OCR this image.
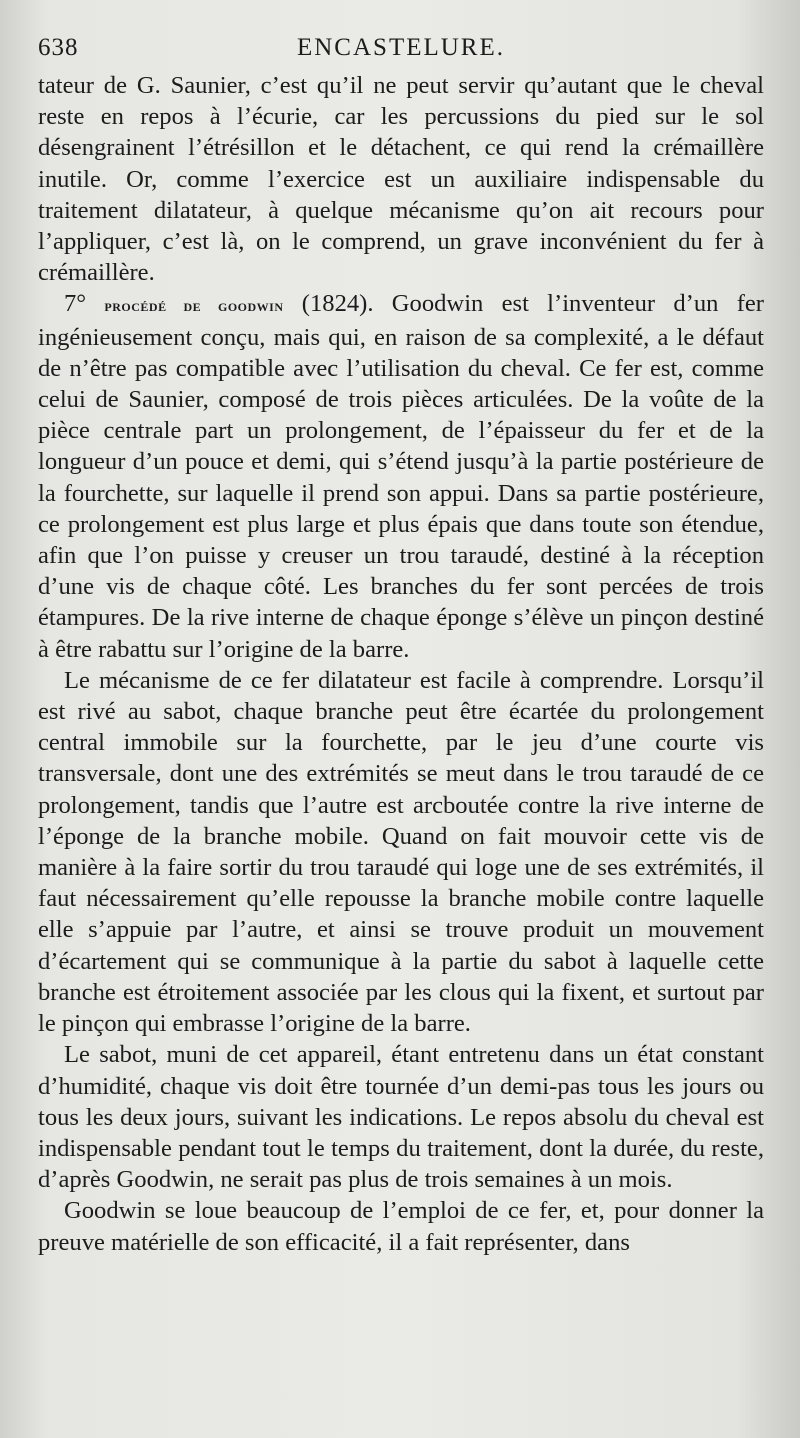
638	ENCASTELURE.

tateur de G. Saunier, c’est qu’il ne peut servir qu’autant que le cheval reste en repos à l’écurie, car les percussions du pied sur le sol désengrainent l’étrésillon et le détachent, ce qui rend la crémaillère inutile. Or, comme l’exercice est un auxiliaire indispensable du traitement dilatateur, à quelque mécanisme qu’on ait recours pour l’appliquer, c’est là, on le comprend, un grave inconvénient du fer à crémaillère.

7° procédé de goodwin (1824). Goodwin est l’inventeur d’un fer ingénieusement conçu, mais qui, en raison de sa complexité, a le défaut de n’être pas compatible avec l’utilisation du cheval. Ce fer est, comme celui de Saunier, composé de trois pièces articulées. De la voûte de la pièce centrale part un prolongement, de l’épaisseur du fer et de la longueur d’un pouce et demi, qui s’étend jusqu’à la partie postérieure de la fourchette, sur laquelle il prend son appui. Dans sa partie postérieure, ce prolongement est plus large et plus épais que dans toute son étendue, afin que l’on puisse y creuser un trou taraudé, destiné à la réception d’une vis de chaque côté. Les branches du fer sont percées de trois étampures. De la rive interne de chaque éponge s’élève un pinçon destiné à être rabattu sur l’origine de la barre.

Le mécanisme de ce fer dilatateur est facile à comprendre. Lorsqu’il est rivé au sabot, chaque branche peut être écartée du prolongement central immobile sur la fourchette, par le jeu d’une courte vis transversale, dont une des extrémités se meut dans le trou taraudé de ce prolongement, tandis que l’autre est arcboutée contre la rive interne de l’éponge de la branche mobile. Quand on fait mouvoir cette vis de manière à la faire sortir du trou taraudé qui loge une de ses extrémités, il faut nécessairement qu’elle repousse la branche mobile contre laquelle elle s’appuie par l’autre, et ainsi se trouve produit un mouvement d’écartement qui se communique à la partie du sabot à laquelle cette branche est étroitement associée par les clous qui la fixent, et surtout par le pinçon qui embrasse l’origine de la barre.

Le sabot, muni de cet appareil, étant entretenu dans un état constant d’humidité, chaque vis doit être tournée d’un demi-pas tous les jours ou tous les deux jours, suivant les indications. Le repos absolu du cheval est indispensable pendant tout le temps du traitement, dont la durée, du reste, d’après Goodwin, ne serait pas plus de trois semaines à un mois.

Goodwin se loue beaucoup de l’emploi de ce fer, et, pour donner la preuve matérielle de son efficacité, il a fait représenter, dans
